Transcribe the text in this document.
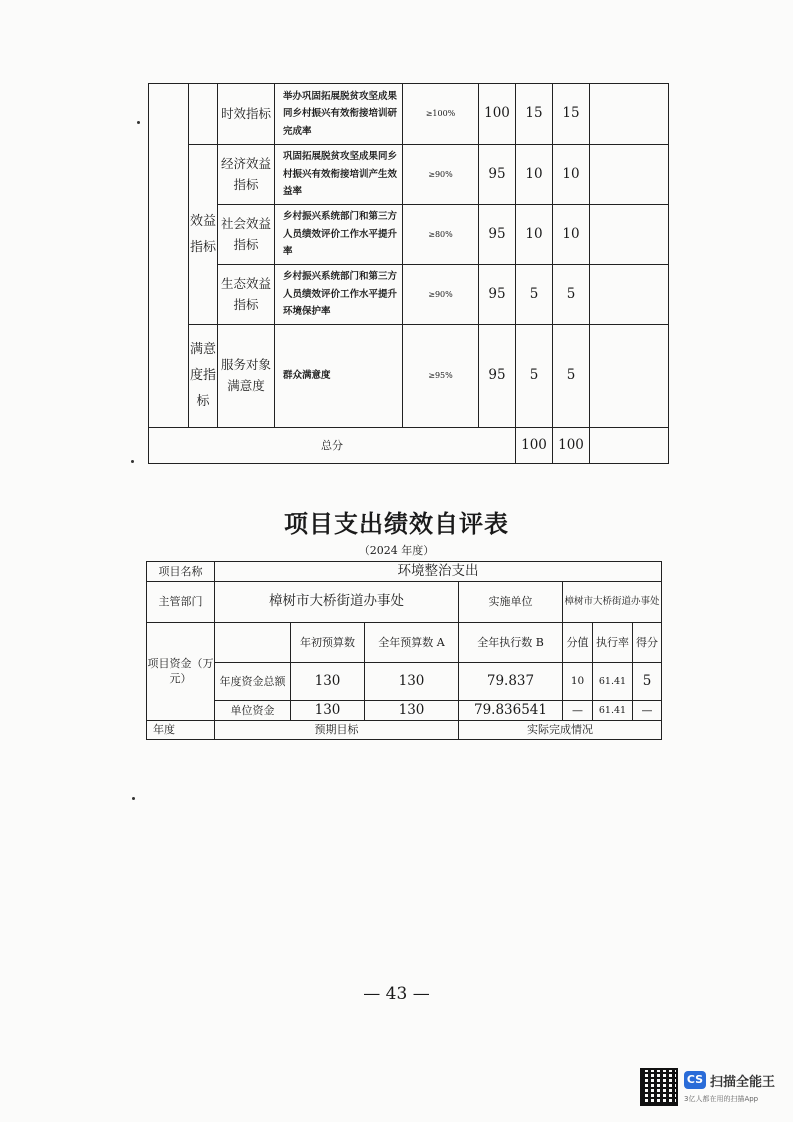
		时效指标	举办巩固拓展脱贫攻坚成果同乡村振兴有效衔接培训研完成率	≥100%	100	15	15	
	效益指标	经济效益指标	巩固拓展脱贫攻坚成果同乡村振兴有效衔接培训产生效益率	≥90%	95	10	10	
		社会效益指标	乡村振兴系统部门和第三方人员绩效评价工作水平提升率	≥80%	95	10	10	
		生态效益指标	乡村振兴系统部门和第三方人员绩效评价工作水平提升环境保护率	≥90%	95	5	5	
	满意度指标	服务对象满意度	群众满意度	≥95%	95	5	5	
总分						100	100	
项目支出绩效自评表
（2024 年度）
项目名称	环境整治支出						
主管部门	樟树市大桥街道办事处			实施单位	樟树市大桥街道办事处		
项目资金（万元）		年初预算数	全年预算数 A	全年执行数 B	分值	执行率	得分
	年度资金总额	130	130	79.837	10	61.41	5
	单位资金	130	130	79.836541	—	61.41	—
年度	预期目标			实际完成情况			
— 43 —
CS 扫描全能王
3亿人都在用的扫描App
